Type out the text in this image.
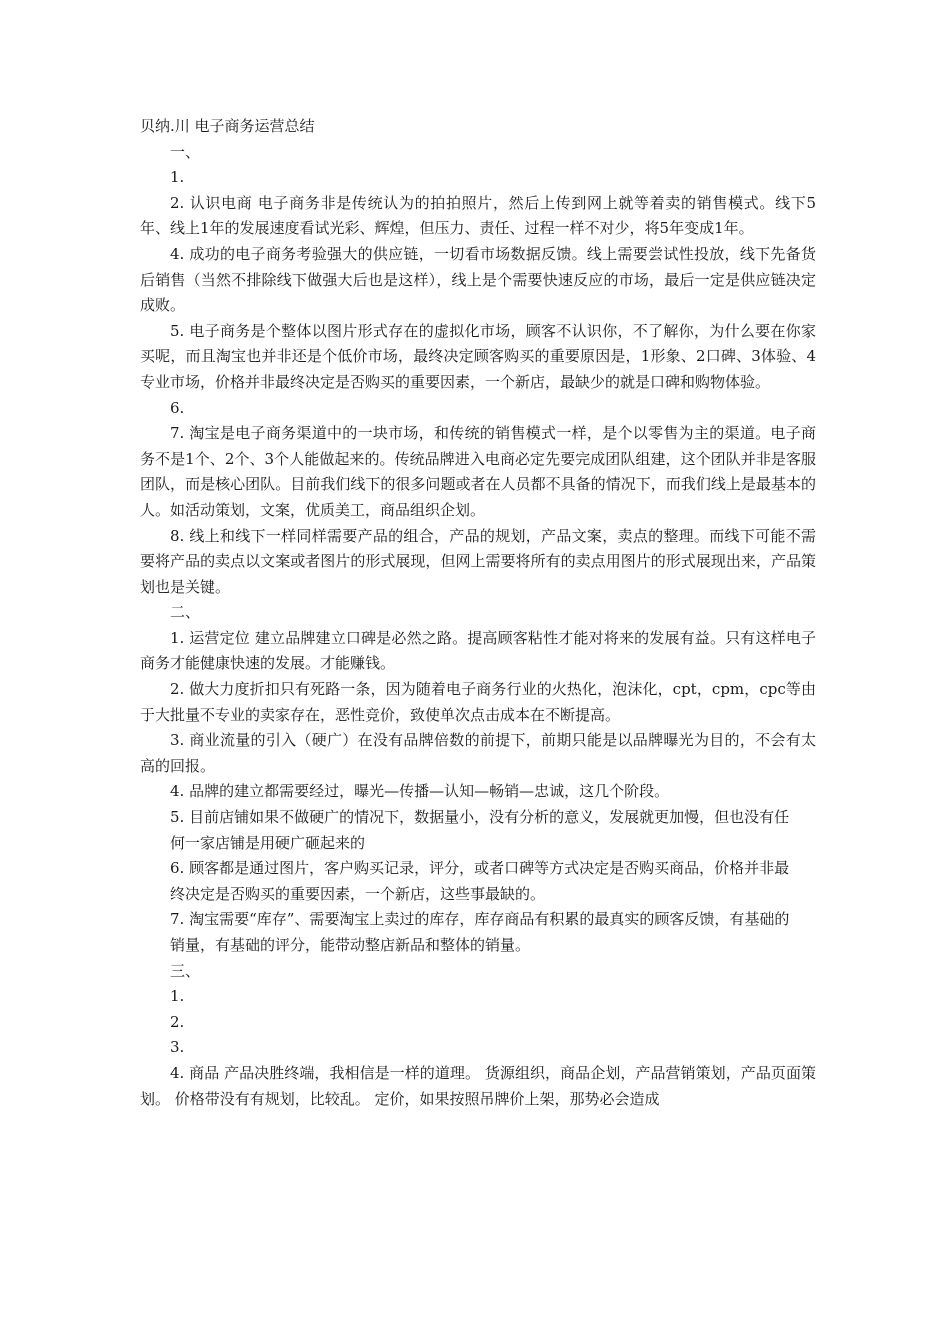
贝纳.川 电子商务运营总结

一、

1.

2. 认识电商 电子商务非是传统认为的拍拍照片，然后上传到网上就等着卖的销售模式。线下5年、线上1年的发展速度看试光彩、辉煌，但压力、责任、过程一样不对少，将5年变成1年。

4. 成功的电子商务考验强大的供应链，一切看市场数据反馈。线上需要尝试性投放，线下先备货后销售（当然不排除线下做强大后也是这样），线上是个需要快速反应的市场，最后一定是供应链决定成败。

5. 电子商务是个整体以图片形式存在的虚拟化市场，顾客不认识你，不了解你，为什么要在你家买呢，而且淘宝也并非还是个低价市场，最终决定顾客购买的重要原因是，1形象、2口碑、3体验、4专业市场，价格并非最终决定是否购买的重要因素，一个新店，最缺少的就是口碑和购物体验。

6.

7. 淘宝是电子商务渠道中的一块市场，和传统的销售模式一样，是个以零售为主的渠道。电子商务不是1个、2个、3个人能做起来的。传统品牌进入电商必定先要完成团队组建，这个团队并非是客服团队，而是核心团队。目前我们线下的很多问题或者在人员都不具备的情况下，而我们线上是最基本的人。如活动策划，文案，优质美工，商品组织企划。

8. 线上和线下一样同样需要产品的组合，产品的规划，产品文案，卖点的整理。而线下可能不需要将产品的卖点以文案或者图片的形式展现，但网上需要将所有的卖点用图片的形式展现出来，产品策划也是关键。

二、

1. 运营定位 建立品牌建立口碑是必然之路。提高顾客粘性才能对将来的发展有益。只有这样电子商务才能健康快速的发展。才能赚钱。

2. 做大力度折扣只有死路一条，因为随着电子商务行业的火热化，泡沫化，cpt，cpm，cpc等由于大批量不专业的卖家存在，恶性竞价，致使单次点击成本在不断提高。

3. 商业流量的引入（硬广）在没有品牌倍数的前提下，前期只能是以品牌曝光为目的，不会有太高的回报。

4. 品牌的建立都需要经过，曝光—传播—认知—畅销—忠诚，这几个阶段。

5. 目前店铺如果不做硬广的情况下，数据量小，没有分析的意义，发展就更加慢，但也没有任

何一家店铺是用硬广砸起来的

6. 顾客都是通过图片，客户购买记录，评分，或者口碑等方式决定是否购买商品，价格并非最

终决定是否购买的重要因素，一个新店，这些事最缺的。

7. 淘宝需要“库存”、需要淘宝上卖过的库存，库存商品有积累的最真实的顾客反馈，有基础的

销量，有基础的评分，能带动整店新品和整体的销量。

三、

1.

2.

3.

4. 商品 产品决胜终端，我相信是一样的道理。 货源组织，商品企划，产品营销策划，产品页面策划。 价格带没有有规划，比较乱。 定价，如果按照吊牌价上架，那势必会造成
